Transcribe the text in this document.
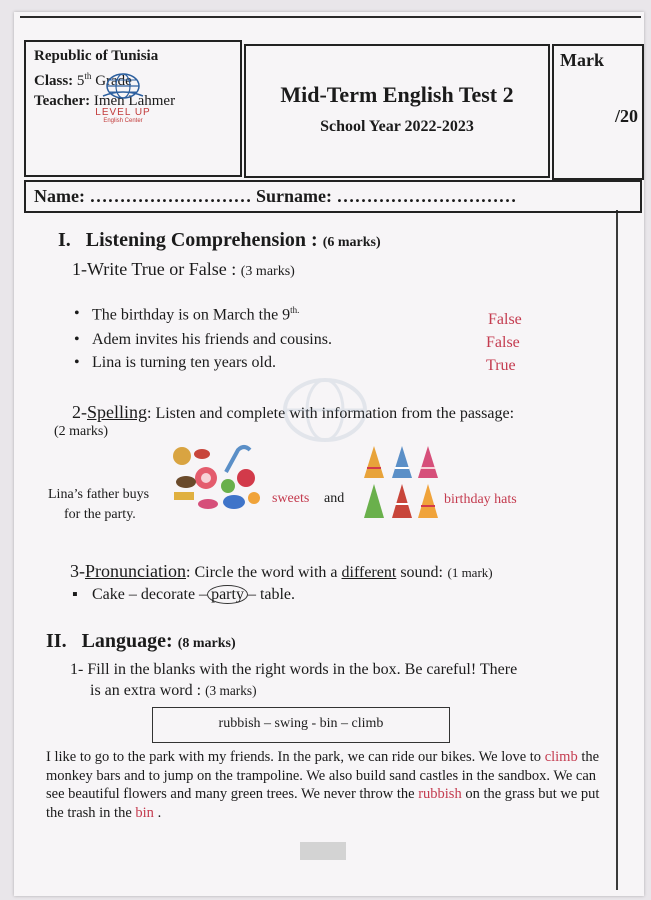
Republic of Tunisia
Class: 5th Grade
Teacher: Imen Lahmer
LEVEL UP
English Center
Mid-Term English Test 2
School Year 2022-2023
Mark
/20
Name: ……………………… Surname: …………………………
I. Listening Comprehension : (6 marks)
1-Write True or False : (3 marks)
• The birthday is on March the $9^{th.}$
False
• Adem invites his friends and cousins.	False
• Lina is turning ten years old.	True
2-Spelling: Listen and complete with information from the passage:
(2 marks)
Lina’s father buys
for the party.
sweets and	birthday hats
3-Pronunciation: Circle the word with a different sound: (1 mark)
▪ Cake – decorate – party – table.
II. Language: (8 marks)
1- Fill in the blanks with the right words in the box. Be careful! There
is an extra word : (3 marks)
rubbish – swing - bin – climb
I like to go to the park with my friends. In the park, we can ride our bikes. We love to climb the monkey bars and to jump on the trampoline. We also build sand castles in the sandbox. We can see beautiful flowers and many green trees. We never throw the rubbish on the grass but we put the trash in the bin .
